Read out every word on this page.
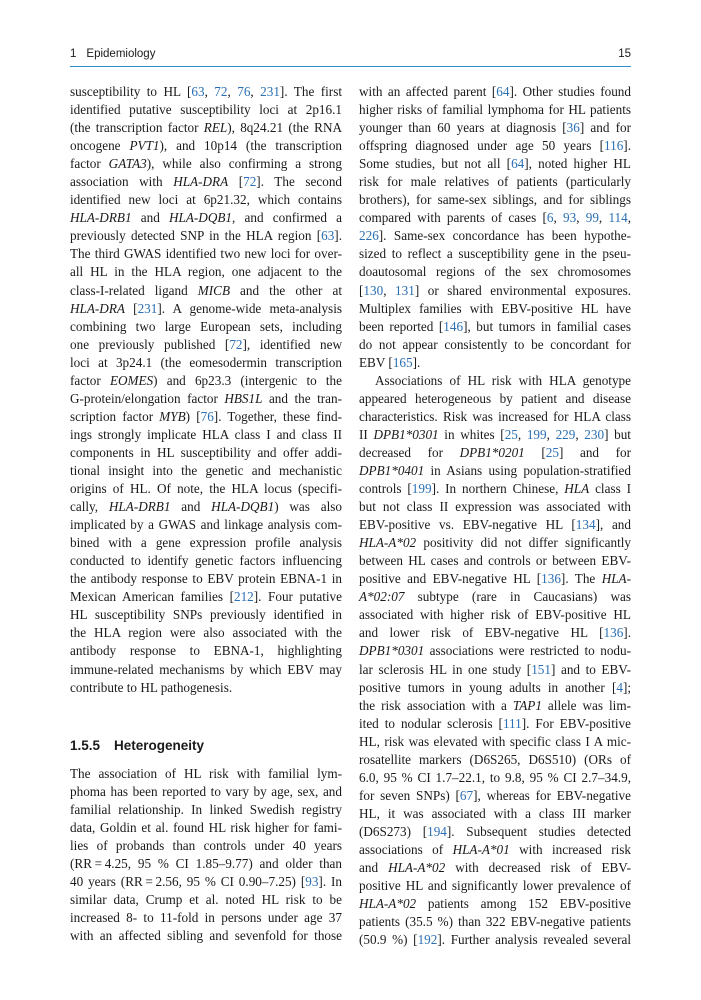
1 Epidemiology	15
susceptibility to HL [63, 72, 76, 231]. The first
identified putative susceptibility loci at 2p16.1
(the transcription factor REL), 8q24.21 (the RNA
oncogene PVT1), and 10p14 (the transcription
factor GATA3), while also confirming a strong
association with HLA-DRA [72]. The second
identified new loci at 6p21.32, which contains
HLA-DRB1 and HLA-DQB1, and confirmed a
previously detected SNP in the HLA region [63].
The third GWAS identified two new loci for over-
all HL in the HLA region, one adjacent to the
class-I-related ligand MICB and the other at
HLA-DRA [231]. A genome-wide meta-analysis
combining two large European sets, including
one previously published [72], identified new
loci at 3p24.1 (the eomesodermin transcription
factor EOMES) and 6p23.3 (intergenic to the
G-protein/elongation factor HBS1L and the tran-
scription factor MYB) [76]. Together, these find-
ings strongly implicate HLA class I and class II
components in HL susceptibility and offer addi-
tional insight into the genetic and mechanistic
origins of HL. Of note, the HLA locus (specifi-
cally, HLA-DRB1 and HLA-DQB1) was also
implicated by a GWAS and linkage analysis com-
bined with a gene expression profile analysis
conducted to identify genetic factors influencing
the antibody response to EBV protein EBNA-1 in
Mexican American families [212]. Four putative
HL susceptibility SNPs previously identified in
the HLA region were also associated with the
antibody response to EBNA-1, highlighting
immune-related mechanisms by which EBV may
contribute to HL pathogenesis.
1.5.5 Heterogeneity
The association of HL risk with familial lym-
phoma has been reported to vary by age, sex, and
familial relationship. In linked Swedish registry
data, Goldin et al. found HL risk higher for fami-
lies of probands than controls under 40 years
(RR = 4.25, 95 % CI 1.85–9.77) and older than
40 years (RR = 2.56, 95 % CI 0.90–7.25) [93]. In
similar data, Crump et al. noted HL risk to be
increased 8- to 11-fold in persons under age 37
with an affected sibling and sevenfold for those
with an affected parent [64]. Other studies found
higher risks of familial lymphoma for HL patients
younger than 60 years at diagnosis [36] and for
offspring diagnosed under age 50 years [116].
Some studies, but not all [64], noted higher HL
risk for male relatives of patients (particularly
brothers), for same-sex siblings, and for siblings
compared with parents of cases [6, 93, 99, 114,
226]. Same-sex concordance has been hypothe-
sized to reflect a susceptibility gene in the pseu-
doautosomal regions of the sex chromosomes
[130, 131] or shared environmental exposures.
Multiplex families with EBV-positive HL have
been reported [146], but tumors in familial cases
do not appear consistently to be concordant for
EBV [165].
Associations of HL risk with HLA genotype
appeared heterogeneous by patient and disease
characteristics. Risk was increased for HLA class
II DPB1*0301 in whites [25, 199, 229, 230] but
decreased for DPB1*0201 [25] and for
DPB1*0401 in Asians using population-stratified
controls [199]. In northern Chinese, HLA class I
but not class II expression was associated with
EBV-positive vs. EBV-negative HL [134], and
HLA-A*02 positivity did not differ significantly
between HL cases and controls or between EBV-
positive and EBV-negative HL [136]. The HLA-
A*02:07 subtype (rare in Caucasians) was
associated with higher risk of EBV-positive HL
and lower risk of EBV-negative HL [136].
DPB1*0301 associations were restricted to nodu-
lar sclerosis HL in one study [151] and to EBV-
positive tumors in young adults in another [4];
the risk association with a TAP1 allele was lim-
ited to nodular sclerosis [111]. For EBV-positive
HL, risk was elevated with specific class I A mic-
rosatellite markers (D6S265, D6S510) (ORs of
6.0, 95 % CI 1.7–22.1, to 9.8, 95 % CI 2.7–34.9,
for seven SNPs) [67], whereas for EBV-negative
HL, it was associated with a class III marker
(D6S273) [194]. Subsequent studies detected
associations of HLA-A*01 with increased risk
and HLA-A*02 with decreased risk of EBV-
positive HL and significantly lower prevalence of
HLA-A*02 patients among 152 EBV-positive
patients (35.5 %) than 322 EBV-negative patients
(50.9 %) [192]. Further analysis revealed several
